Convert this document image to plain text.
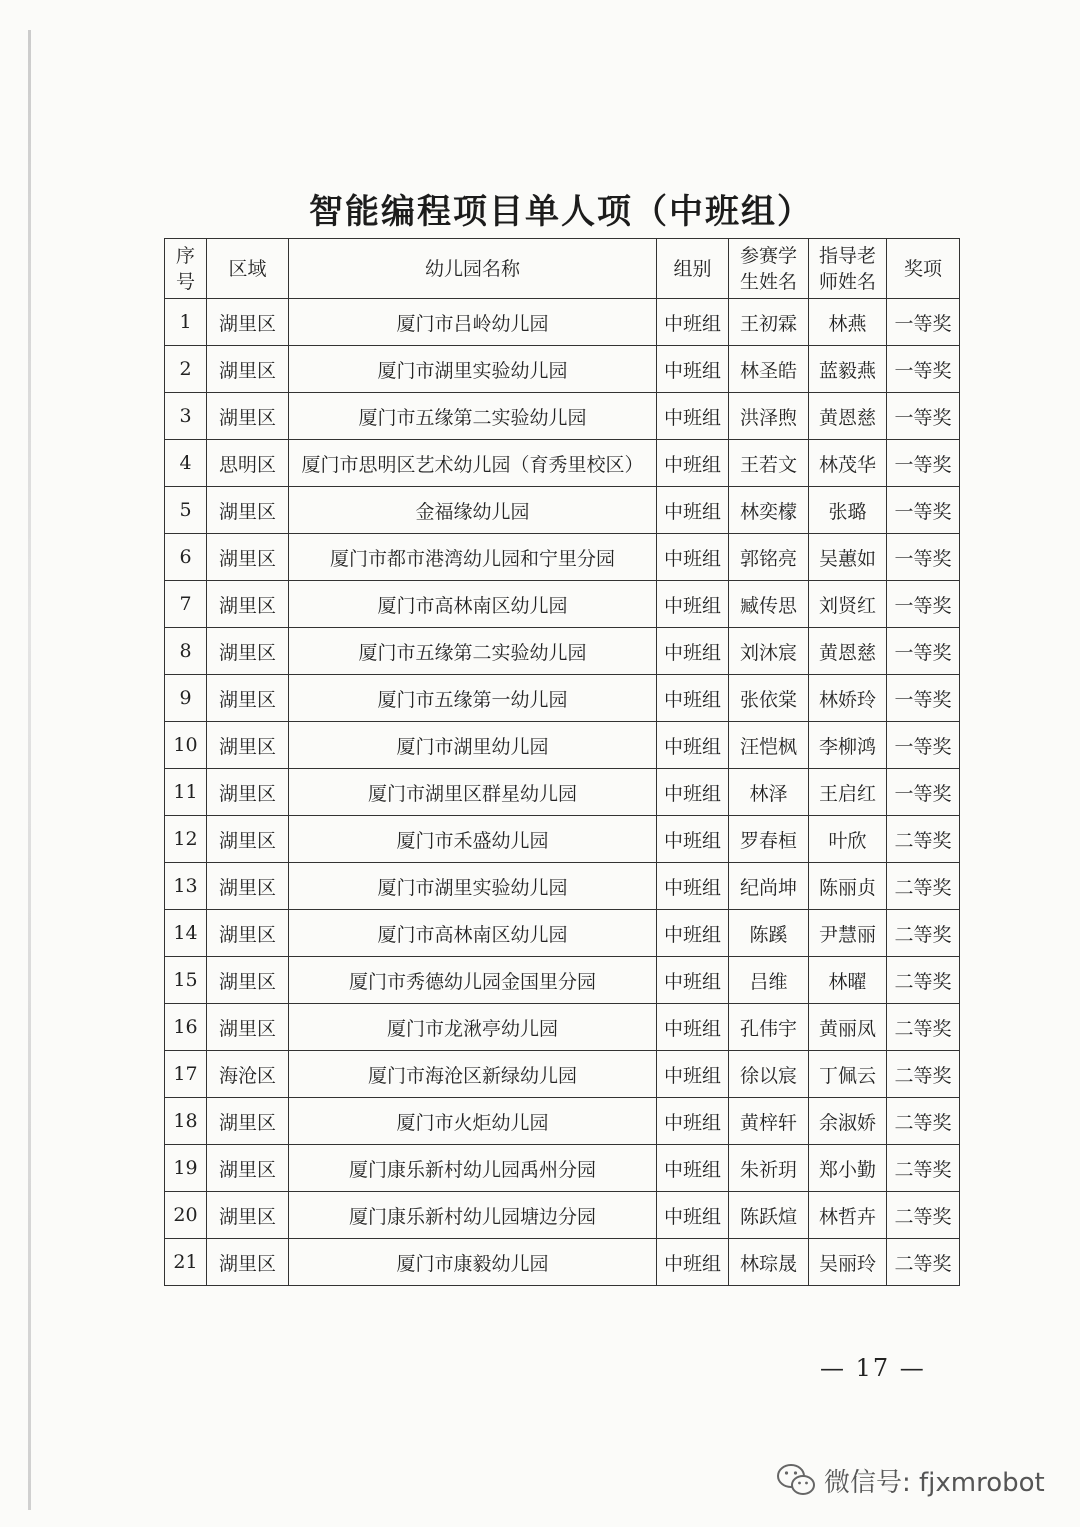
智能编程项目单人项（中班组）
序号	区域	幼儿园名称	组别	参赛学生姓名	指导老师姓名	奖项
1	湖里区	厦门市吕岭幼儿园	中班组	王初霖	林燕	一等奖
2	湖里区	厦门市湖里实验幼儿园	中班组	林圣皓	蓝毅燕	一等奖
3	湖里区	厦门市五缘第二实验幼儿园	中班组	洪泽煦	黄恩慈	一等奖
4	思明区	厦门市思明区艺术幼儿园（育秀里校区）	中班组	王若文	林茂华	一等奖
5	湖里区	金福缘幼儿园	中班组	林奕檬	张璐	一等奖
6	湖里区	厦门市都市港湾幼儿园和宁里分园	中班组	郭铭亮	吴蕙如	一等奖
7	湖里区	厦门市高林南区幼儿园	中班组	臧传思	刘贤红	一等奖
8	湖里区	厦门市五缘第二实验幼儿园	中班组	刘沐宸	黄恩慈	一等奖
9	湖里区	厦门市五缘第一幼儿园	中班组	张依棠	林娇玲	一等奖
10	湖里区	厦门市湖里幼儿园	中班组	汪恺枫	李柳鸿	一等奖
11	湖里区	厦门市湖里区群星幼儿园	中班组	林泽	王启红	一等奖
12	湖里区	厦门市禾盛幼儿园	中班组	罗春桓	叶欣	二等奖
13	湖里区	厦门市湖里实验幼儿园	中班组	纪尚坤	陈丽贞	二等奖
14	湖里区	厦门市高林南区幼儿园	中班组	陈蹊	尹慧丽	二等奖
15	湖里区	厦门市秀德幼儿园金国里分园	中班组	吕维	林曜	二等奖
16	湖里区	厦门市龙湫亭幼儿园	中班组	孔伟宇	黄丽凤	二等奖
17	海沧区	厦门市海沧区新绿幼儿园	中班组	徐以宸	丁佩云	二等奖
18	湖里区	厦门市火炬幼儿园	中班组	黄梓轩	余淑娇	二等奖
19	湖里区	厦门康乐新村幼儿园禹州分园	中班组	朱祈玥	郑小勤	二等奖
20	湖里区	厦门康乐新村幼儿园塘边分园	中班组	陈跃煊	林哲卉	二等奖
21	湖里区	厦门市康毅幼儿园	中班组	林琮晟	吴丽玲	二等奖
— 17 —
微信号: fjxmrobot
